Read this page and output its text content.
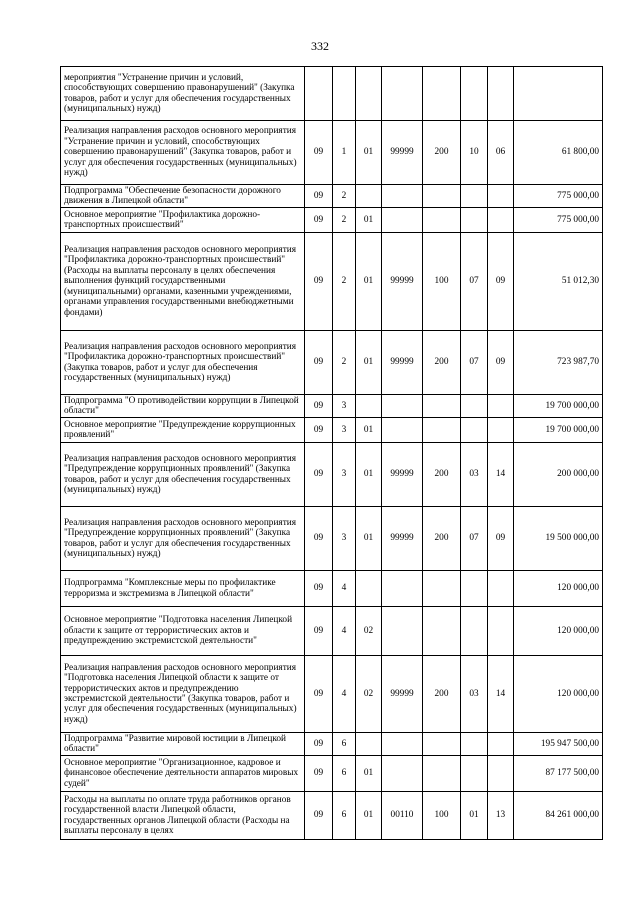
332
мероприятия "Устранение причин и условий, способствующих совершению правонарушений" (Закупка товаров, работ и услуг для обеспечения государственных (муниципальных) нужд)								
Реализация направления расходов основного мероприятия "Устранение причин и условий, способствующих совершению правонарушений" (Закупка товаров, работ и услуг для обеспечения государственных (муниципальных) нужд)	09	1	01	99999	200	10	06	61 800,00
Подпрограмма "Обеспечение безопасности дорожного движения в Липецкой области"	09	2						775 000,00
Основное мероприятие "Профилактика дорожно-транспортных происшествий"	09	2	01					775 000,00
Реализация направления расходов основного мероприятия "Профилактика дорожно-транспортных происшествий" (Расходы на выплаты персоналу в целях обеспечения выполнения функций государственными (муниципальными) органами, казенными учреждениями, органами управления государственными внебюджетными фондами)	09	2	01	99999	100	07	09	51 012,30
Реализация направления расходов основного мероприятия "Профилактика дорожно-транспортных происшествий" (Закупка товаров, работ и услуг для обеспечения государственных (муниципальных) нужд)	09	2	01	99999	200	07	09	723 987,70
Подпрограмма "О противодействии коррупции в Липецкой области"	09	3						19 700 000,00
Основное мероприятие "Предупреждение коррупционных проявлений"	09	3	01					19 700 000,00
Реализация направления расходов основного мероприятия "Предупреждение коррупционных проявлений" (Закупка товаров, работ и услуг для обеспечения государственных (муниципальных) нужд)	09	3	01	99999	200	03	14	200 000,00
Реализация направления расходов основного мероприятия "Предупреждение коррупционных проявлений" (Закупка товаров, работ и услуг для обеспечения государственных (муниципальных) нужд)	09	3	01	99999	200	07	09	19 500 000,00
Подпрограмма "Комплексные меры по профилактике терроризма и экстремизма в Липецкой области"	09	4						120 000,00
Основное мероприятие "Подготовка населения Липецкой области к защите от террористических актов и предупреждению экстремистской деятельности"	09	4	02					120 000,00
Реализация направления расходов основного мероприятия "Подготовка населения Липецкой области к защите от террористических актов и предупреждению экстремистской деятельности" (Закупка товаров, работ и услуг для обеспечения государственных (муниципальных) нужд)	09	4	02	99999	200	03	14	120 000,00
Подпрограмма "Развитие мировой юстиции в Липецкой области"	09	6						195 947 500,00
Основное мероприятие "Организационное, кадровое и финансовое обеспечение деятельности аппаратов мировых судей"	09	6	01					87 177 500,00
Расходы на выплаты по оплате труда работников органов государственной власти Липецкой области, государственных органов Липецкой области (Расходы на выплаты персоналу в целях	09	6	01	00110	100	01	13	84 261 000,00
